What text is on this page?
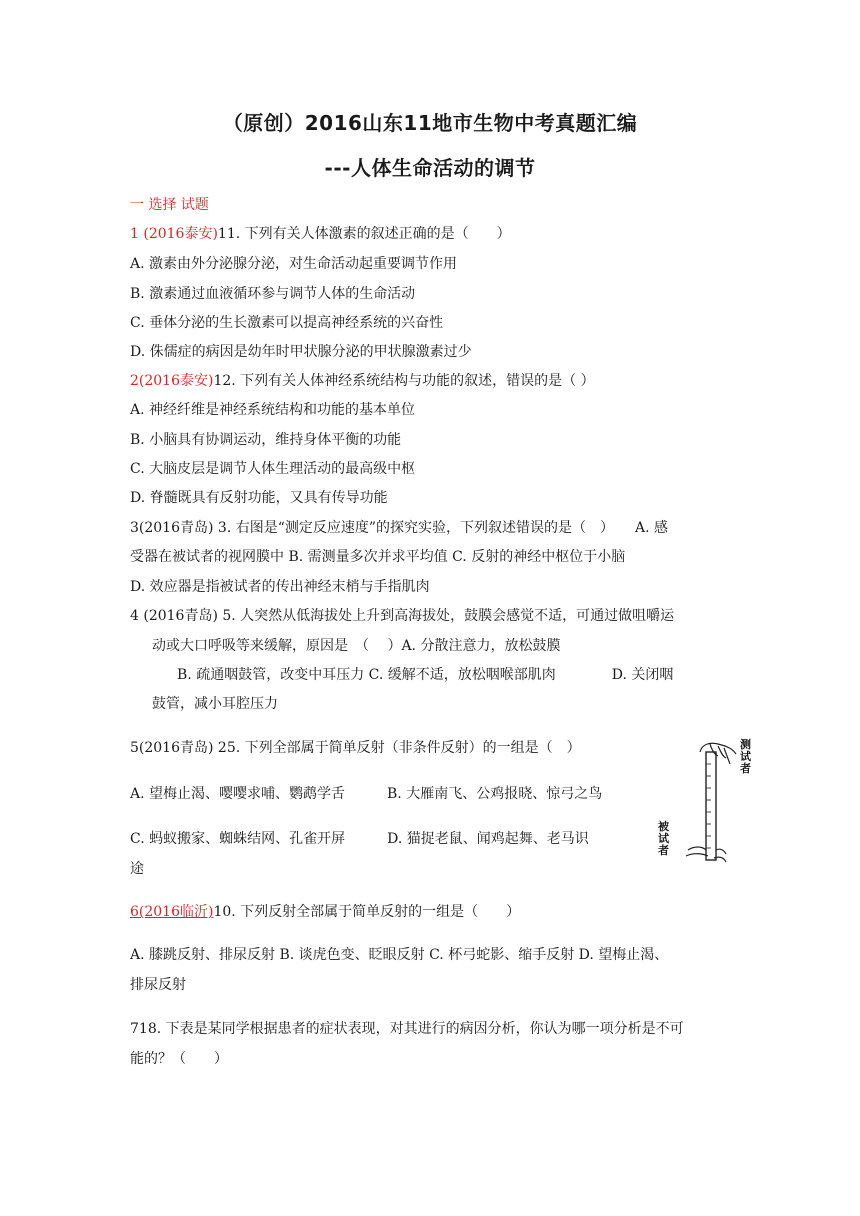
（原创）2016山东11地市生物中考真题汇编
---人体生命活动的调节
一 选择 试题
1 (2016泰安)11. 下列有关人体激素的叙述正确的是（　　）
A. 激素由外分泌腺分泌，对生命活动起重要调节作用
B. 激素通过血液循环参与调节人体的生命活动
C. 垂体分泌的生长激素可以提高神经系统的兴奋性
D. 侏儒症的病因是幼年时甲状腺分泌的甲状腺激素过少
2(2016泰安)12. 下列有关人体神经系统结构与功能的叙述，错误的是（ ）
A. 神经纤维是神经系统结构和功能的基本单位
B. 小脑具有协调运动，维持身体平衡的功能
C. 大脑皮层是调节人体生理活动的最高级中枢
D. 脊髓既具有反射功能，又具有传导功能
3(2016青岛) 3. 右图是“测定反应速度”的探究实验，下列叙述错误的是（　）　　A. 感
受器在被试者的视网膜中 B. 需测量多次并求平均值 C. 反射的神经中枢位于小脑
D. 效应器是指被试者的传出神经末梢与手指肌肉
4 (2016青岛) 5. 人突然从低海拔处上升到高海拔处，鼓膜会感觉不适，可通过做咀嚼运
动或大口呼吸等来缓解，原因是　（　 ）A. 分散注意力，放松鼓膜
B. 疏通咽鼓管，改变中耳压力 C. 缓解不适，放松咽喉部肌肉　　　　D. 关闭咽
鼓管，减小耳腔压力
5(2016青岛) 25. 下列全部属于简单反射（非条件反射）的一组是（　）
A. 望梅止渴、嘤嘤求哺、鹦鹉学舌　　　B. 大雁南飞、公鸡报晓、惊弓之鸟
C. 蚂蚁搬家、蜘蛛结网、孔雀开屏　　　D. 猫捉老鼠、闻鸡起舞、老马识
途
测 试 者
被 试 者
6(2016临沂)10. 下列反射全部属于简单反射的一组是（　　）
A. 膝跳反射、排尿反射 B. 谈虎色变、眨眼反射 C. 杯弓蛇影、缩手反射 D. 望梅止渴、
排尿反射
718. 下表是某同学根据患者的症状表现，对其进行的病因分析，你认为哪一项分析是不可
能的？（　　）
